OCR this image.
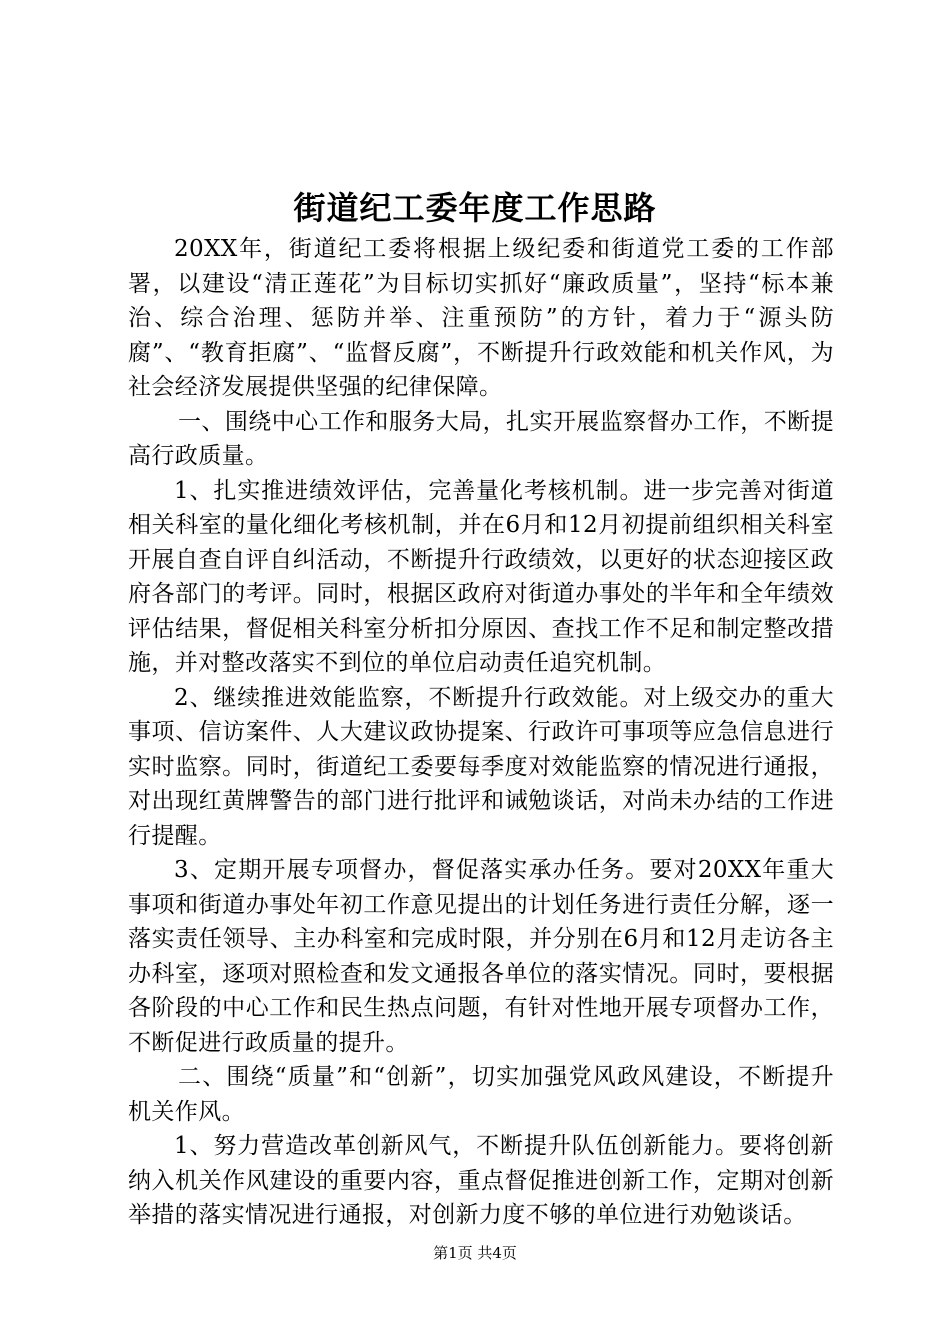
街道纪工委年度工作思路

20XX年，街道纪工委将根据上级纪委和街道党工委的工作部署，以建设“清正莲花”为目标切实抓好“廉政质量”，坚持“标本兼治、综合治理、惩防并举、注重预防”的方针，着力于“源头防腐”、“教育拒腐”、“监督反腐”，不断提升行政效能和机关作风，为社会经济发展提供坚强的纪律保障。

一、围绕中心工作和服务大局，扎实开展监察督办工作，不断提高行政质量。

1、扎实推进绩效评估，完善量化考核机制。进一步完善对街道相关科室的量化细化考核机制，并在6月和12月初提前组织相关科室开展自查自评自纠活动，不断提升行政绩效，以更好的状态迎接区政府各部门的考评。同时，根据区政府对街道办事处的半年和全年绩效评估结果，督促相关科室分析扣分原因、查找工作不足和制定整改措施，并对整改落实不到位的单位启动责任追究机制。

2、继续推进效能监察，不断提升行政效能。对上级交办的重大事项、信访案件、人大建议政协提案、行政许可事项等应急信息进行实时监察。同时，街道纪工委要每季度对效能监察的情况进行通报，对出现红黄牌警告的部门进行批评和诫勉谈话，对尚未办结的工作进行提醒。

3、定期开展专项督办，督促落实承办任务。要对20XX年重大事项和街道办事处年初工作意见提出的计划任务进行责任分解，逐一落实责任领导、主办科室和完成时限，并分别在6月和12月走访各主办科室，逐项对照检查和发文通报各单位的落实情况。同时，要根据各阶段的中心工作和民生热点问题，有针对性地开展专项督办工作，不断促进行政质量的提升。

二、围绕“质量”和“创新”，切实加强党风政风建设，不断提升机关作风。

1、努力营造改革创新风气，不断提升队伍创新能力。要将创新纳入机关作风建设的重要内容，重点督促推进创新工作，定期对创新举措的落实情况进行通报，对创新力度不够的单位进行劝勉谈话。

第1页 共4页
